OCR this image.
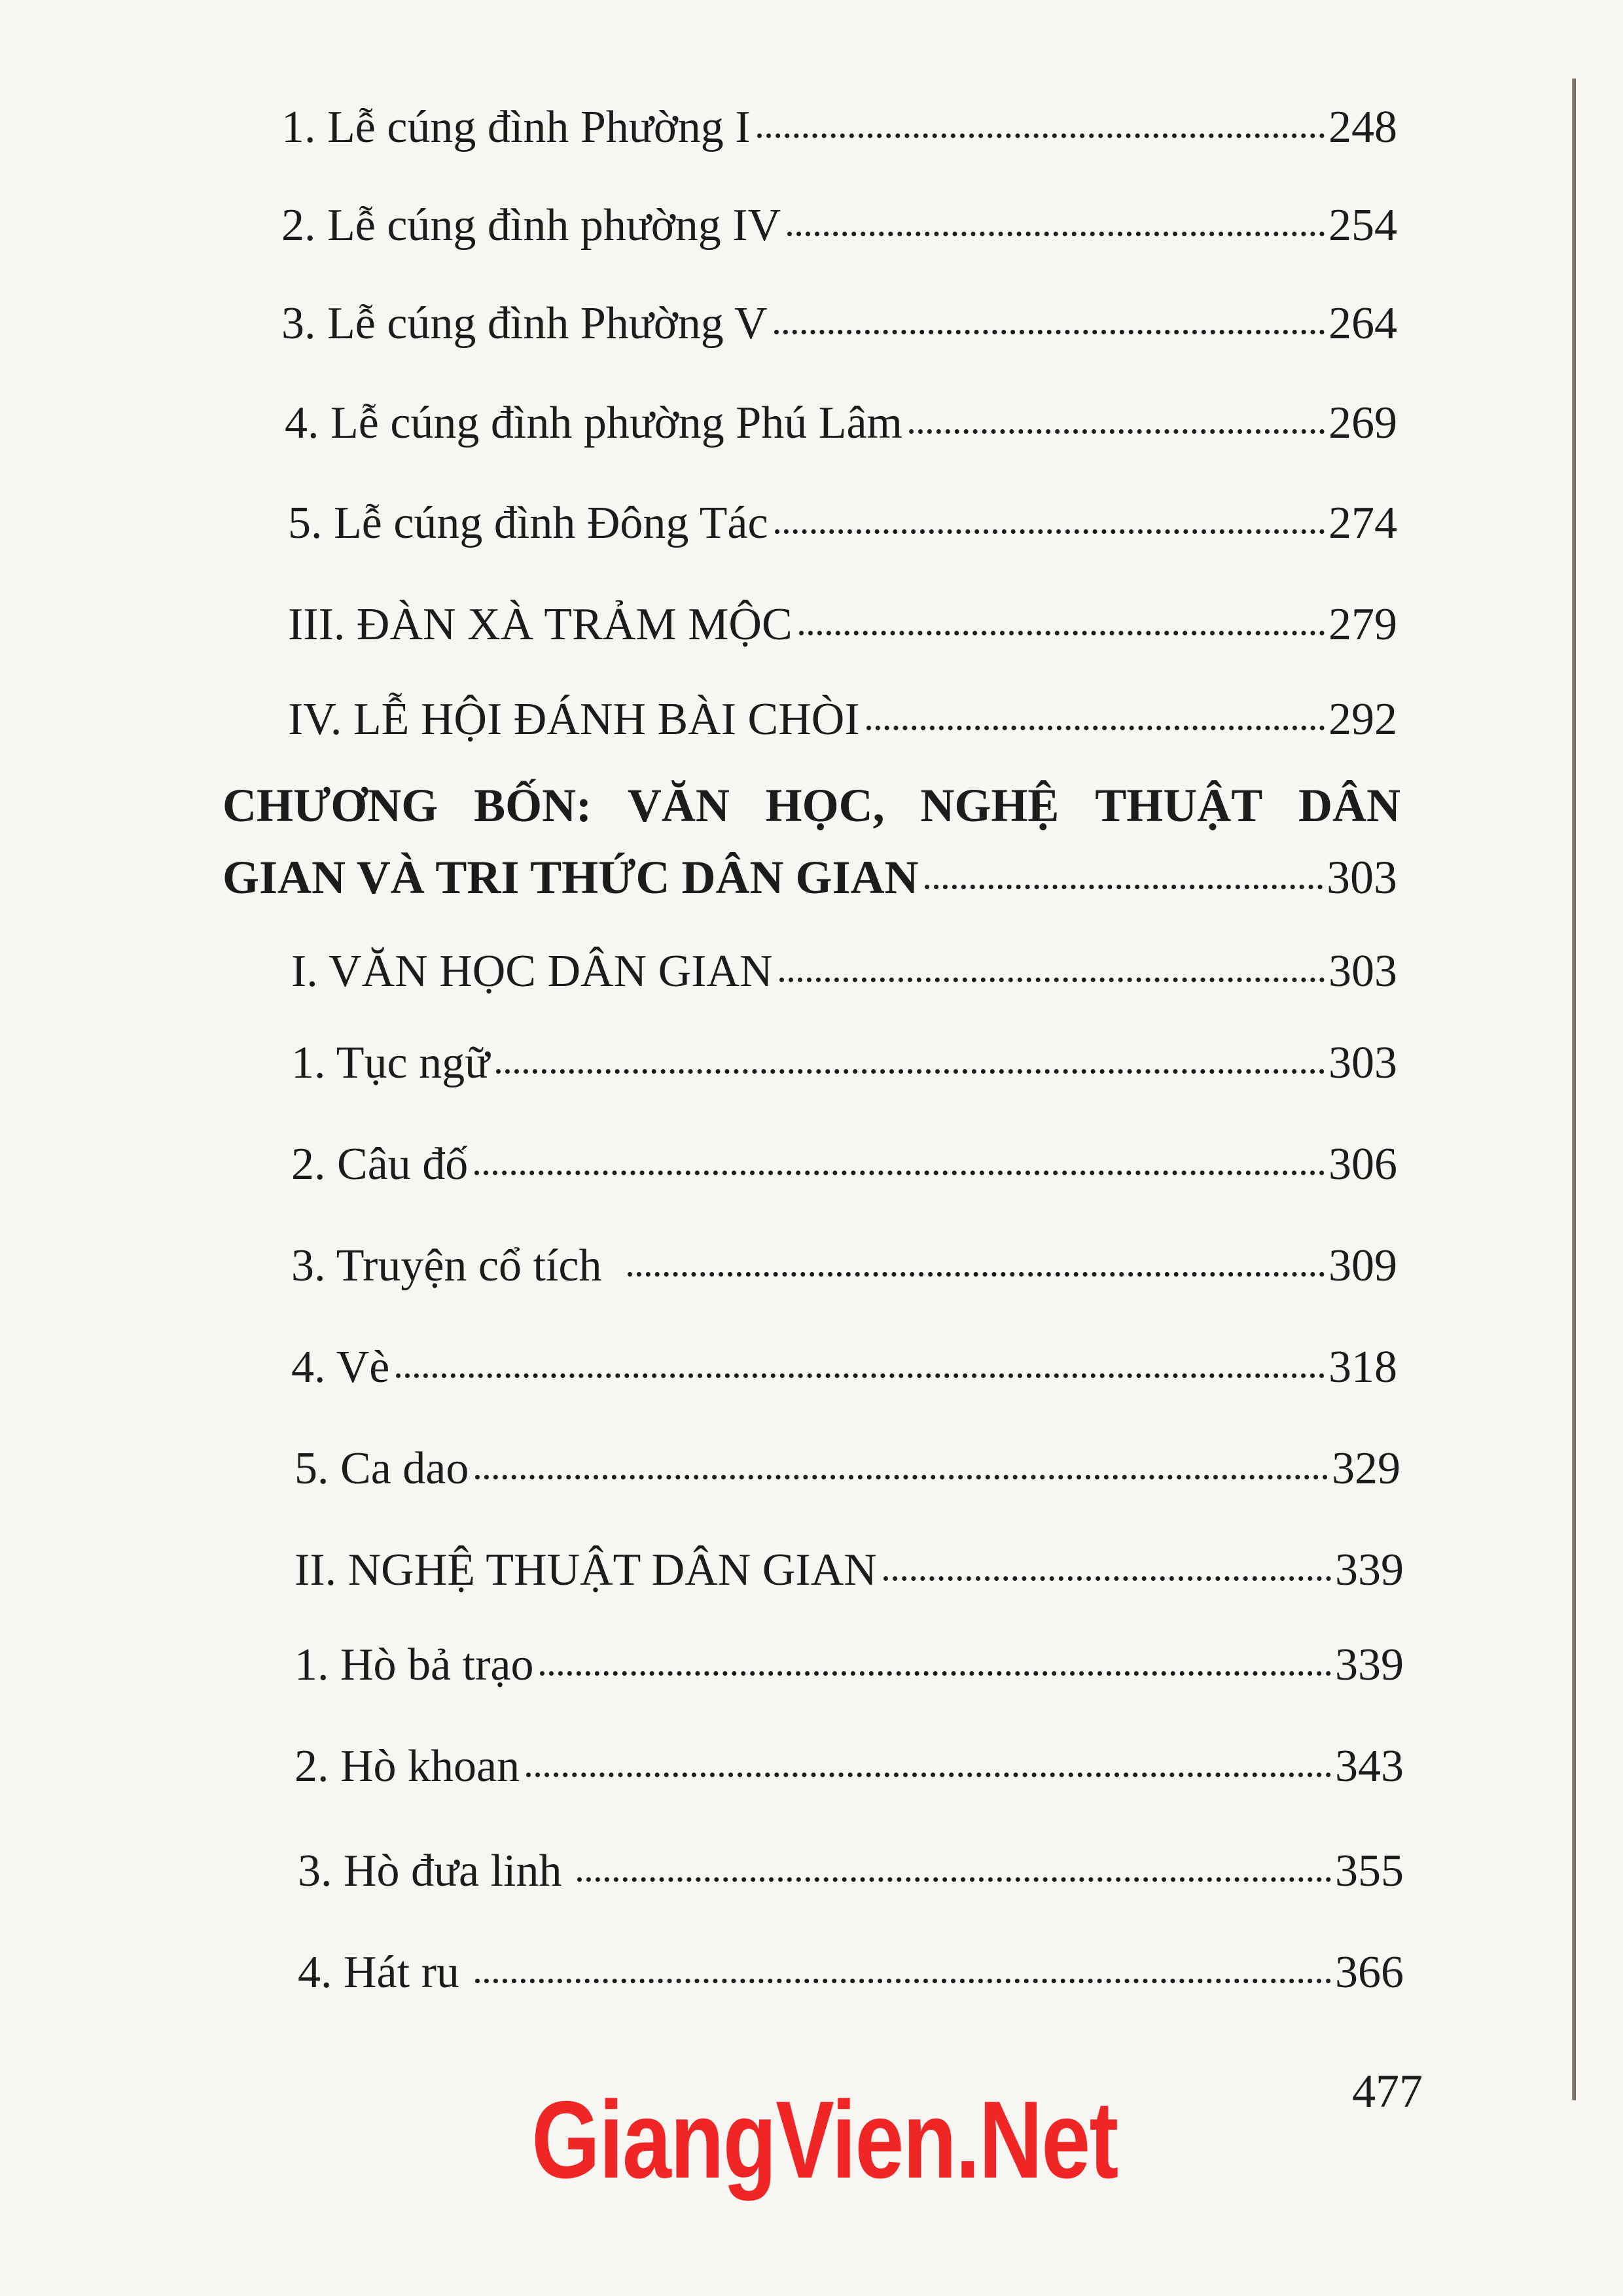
1. Lễ cúng đình Phường I	248
2. Lễ cúng đình phường IV	254
3. Lễ cúng đình Phường V	264
4. Lễ cúng đình phường Phú Lâm	269
5. Lễ cúng đình Đông Tác	274
III. ĐÀN XÀ TRẢM MỘC	279
IV. LỄ HỘI ĐÁNH BÀI CHÒI	292
CHƯƠNG BỐN: VĂN HỌC, NGHỆ THUẬT DÂN
GIAN VÀ TRI THỨC DÂN GIAN	303
I. VĂN HỌC DÂN GIAN	303
1. Tục ngữ	303
2. Câu đố	306
3. Truyện cổ tích	309
4. Vè	318
5. Ca dao	329
II. NGHỆ THUẬT DÂN GIAN	339
1. Hò bả trạo	339
2. Hò khoan	343
3. Hò đưa linh	355
4. Hát ru	366
477
GiangVien.Net
